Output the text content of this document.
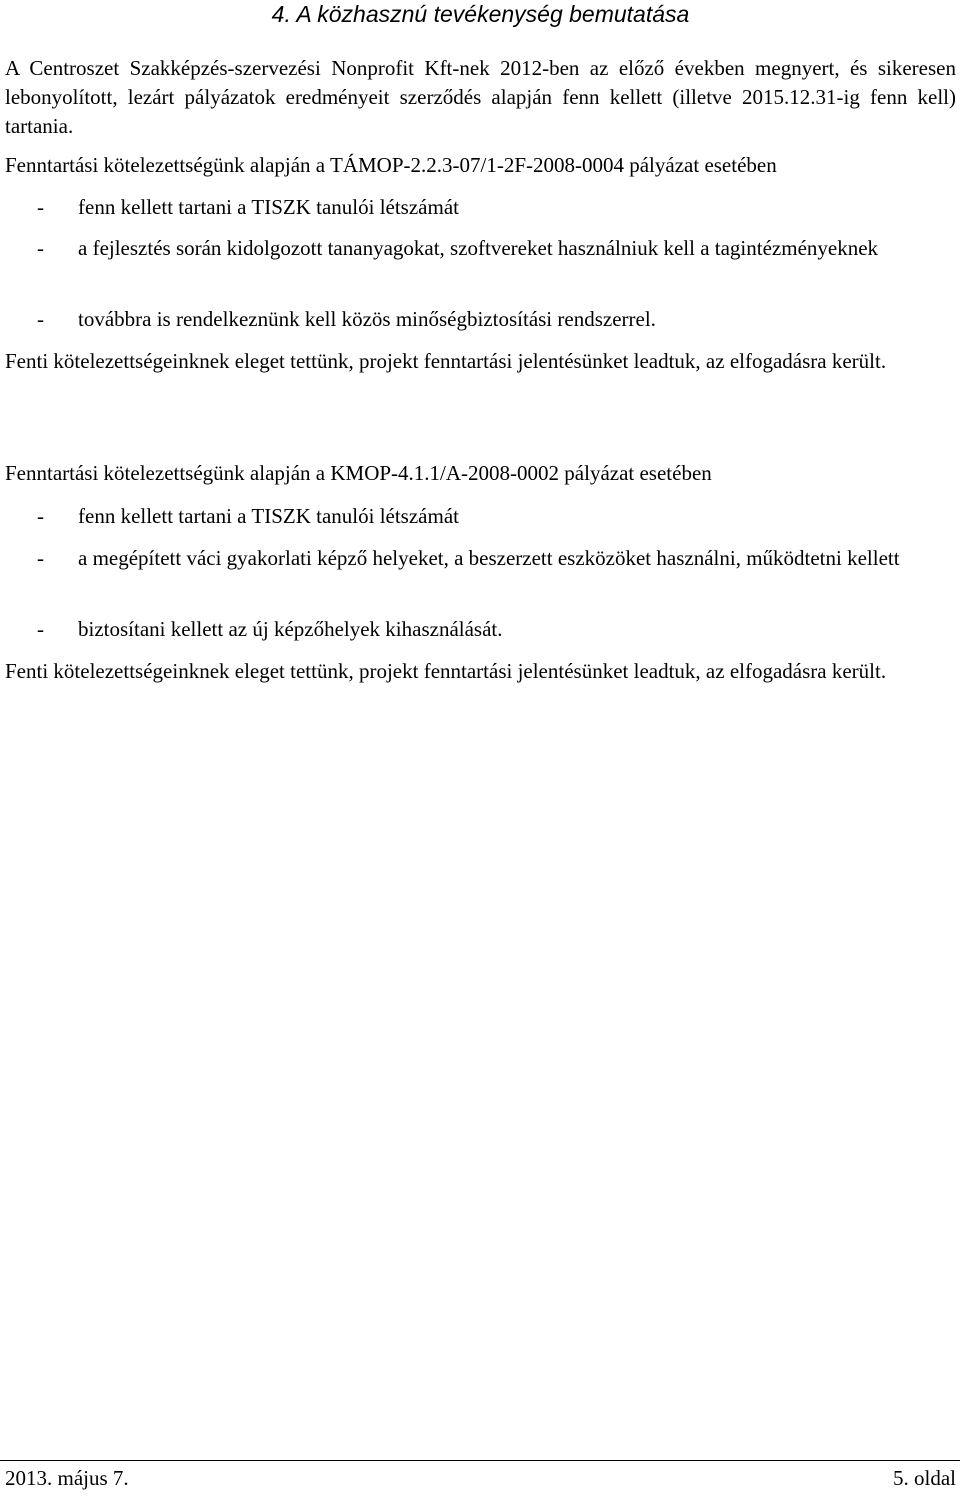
4. A közhasznú tevékenység bemutatása

A Centroszet Szakképzés-szervezési Nonprofit Kft-nek 2012-ben az előző években megnyert, és sikeresen lebonyolított, lezárt pályázatok eredményeit szerződés alapján fenn kellett (illetve 2015.12.31-ig fenn kell) tartania.

Fenntartási kötelezettségünk alapján a TÁMOP-2.2.3-07/1-2F-2008-0004 pályázat esetében

- fenn kellett tartani a TISZK tanulói létszámát
- a fejlesztés során kidolgozott tananyagokat, szoftvereket használniuk kell a tagintézményeknek
- továbbra is rendelkeznünk kell közös minőségbiztosítási rendszerrel.

Fenti kötelezettségeinknek eleget tettünk, projekt fenntartási jelentésünket leadtuk, az elfogadásra került.

Fenntartási kötelezettségünk alapján a KMOP-4.1.1/A-2008-0002 pályázat esetében

- fenn kellett tartani a TISZK tanulói létszámát
- a megépített váci gyakorlati képző helyeket, a beszerzett eszközöket használni, működtetni kellett
- biztosítani kellett az új képzőhelyek kihasználását.

Fenti kötelezettségeinknek eleget tettünk, projekt fenntartási jelentésünket leadtuk, az elfogadásra került.

2013. május 7.	5. oldal
